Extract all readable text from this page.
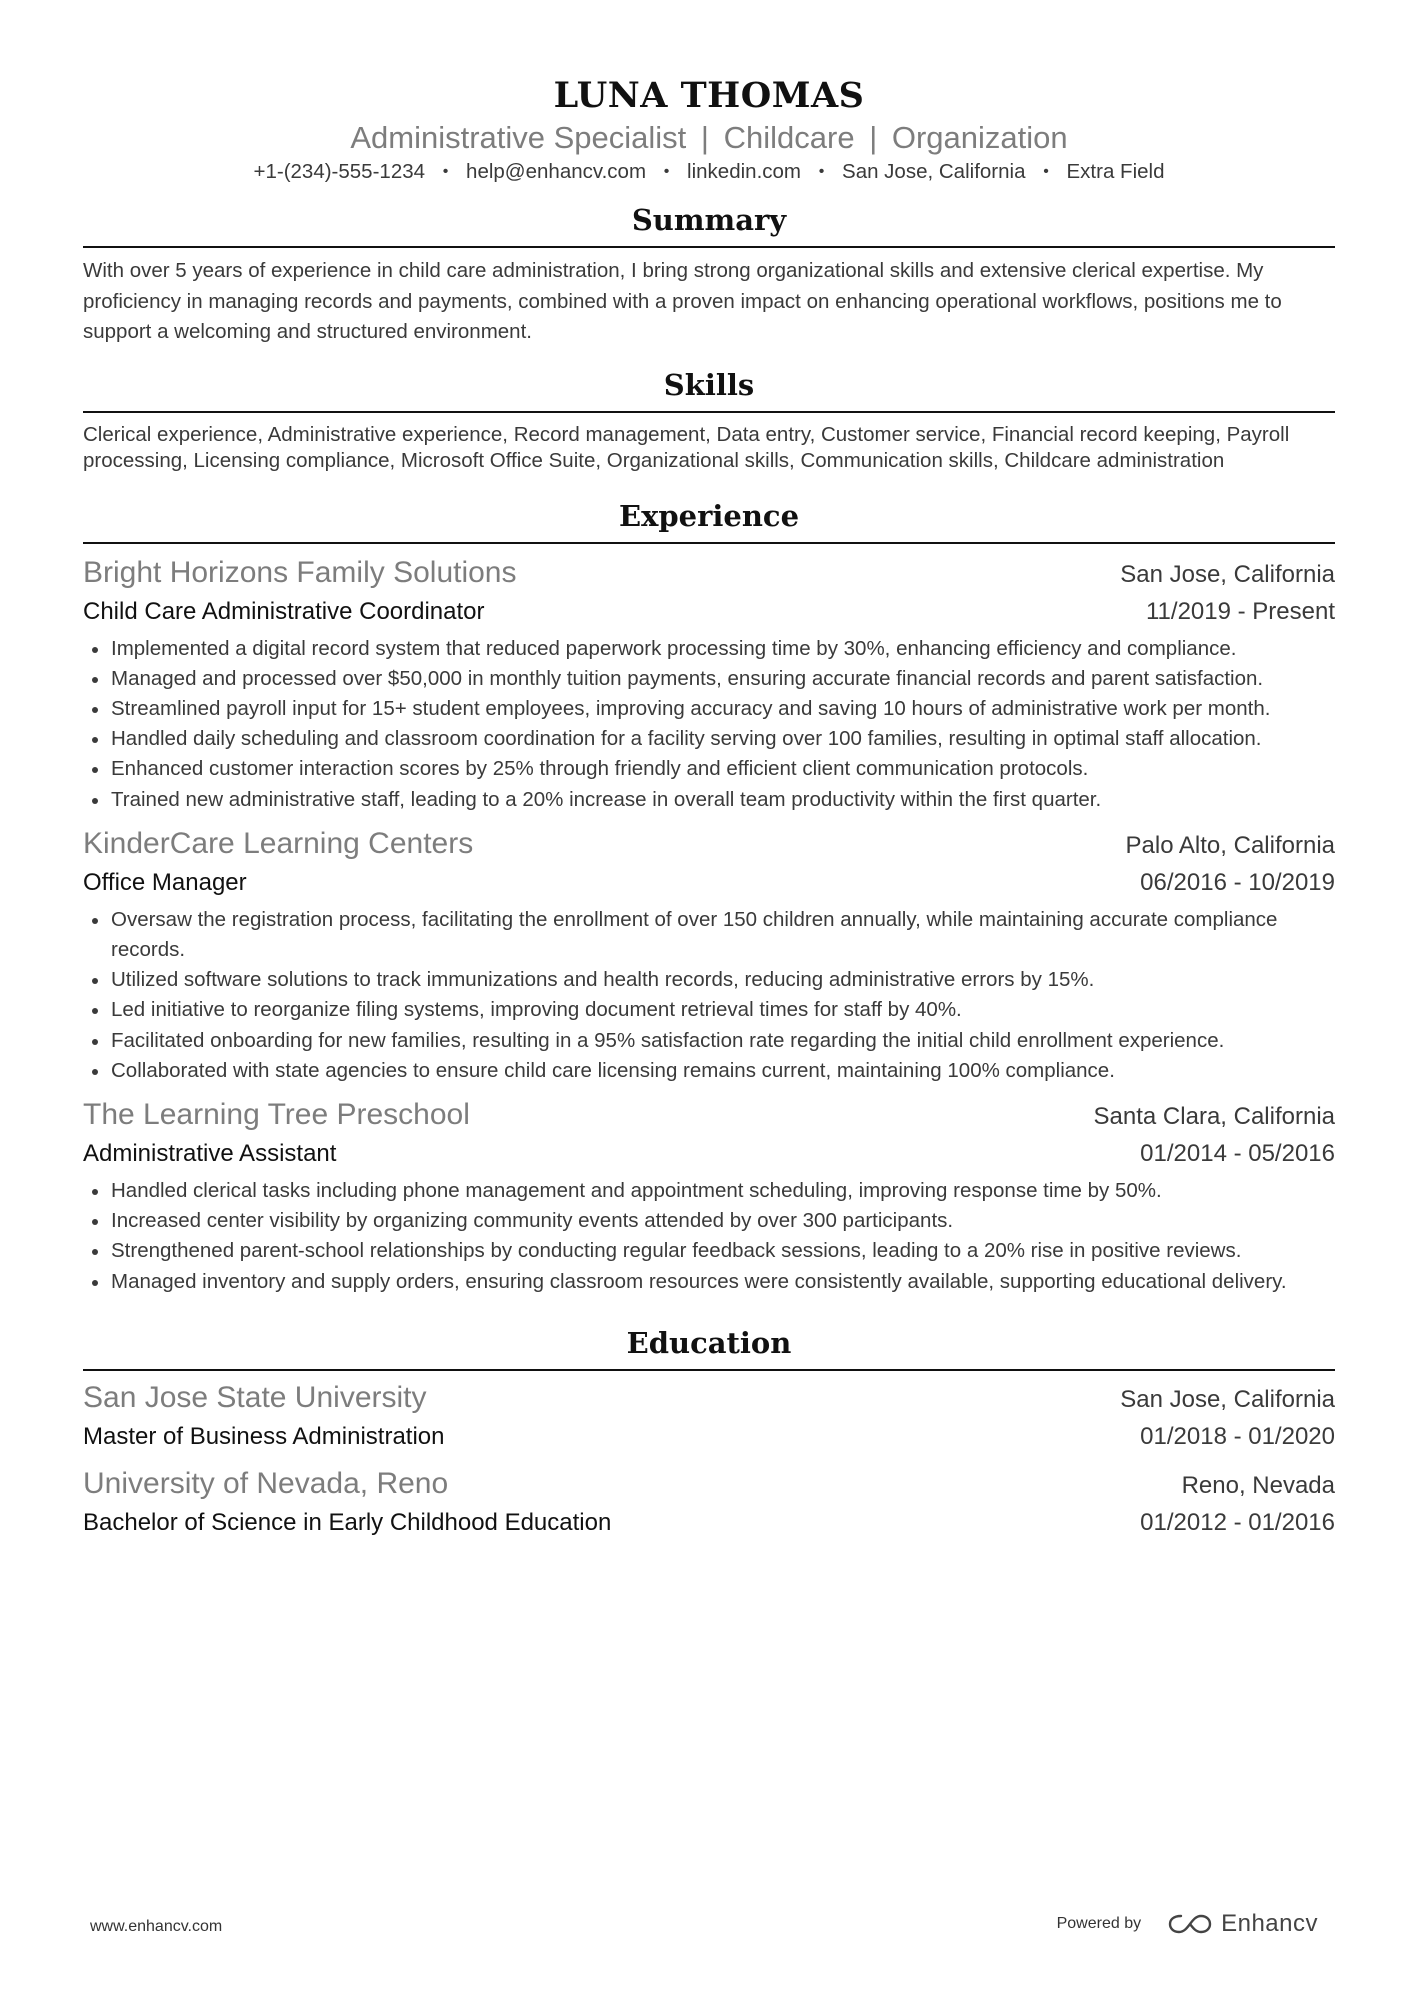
LUNA THOMAS
Administrative Specialist | Childcare | Organization
+1-(234)-555-1234 • help@enhancv.com • linkedin.com • San Jose, California • Extra Field
Summary
With over 5 years of experience in child care administration, I bring strong organizational skills and extensive clerical expertise. My proficiency in managing records and payments, combined with a proven impact on enhancing operational workflows, positions me to support a welcoming and structured environment.
Skills
Clerical experience, Administrative experience, Record management, Data entry, Customer service, Financial record keeping, Payroll processing, Licensing compliance, Microsoft Office Suite, Organizational skills, Communication skills, Childcare administration
Experience
Bright Horizons Family Solutions	San Jose, California
Child Care Administrative Coordinator	11/2019 - Present
Implemented a digital record system that reduced paperwork processing time by 30%, enhancing efficiency and compliance.
Managed and processed over $50,000 in monthly tuition payments, ensuring accurate financial records and parent satisfaction.
Streamlined payroll input for 15+ student employees, improving accuracy and saving 10 hours of administrative work per month.
Handled daily scheduling and classroom coordination for a facility serving over 100 families, resulting in optimal staff allocation.
Enhanced customer interaction scores by 25% through friendly and efficient client communication protocols.
Trained new administrative staff, leading to a 20% increase in overall team productivity within the first quarter.
KinderCare Learning Centers	Palo Alto, California
Office Manager	06/2016 - 10/2019
Oversaw the registration process, facilitating the enrollment of over 150 children annually, while maintaining accurate compliance records.
Utilized software solutions to track immunizations and health records, reducing administrative errors by 15%.
Led initiative to reorganize filing systems, improving document retrieval times for staff by 40%.
Facilitated onboarding for new families, resulting in a 95% satisfaction rate regarding the initial child enrollment experience.
Collaborated with state agencies to ensure child care licensing remains current, maintaining 100% compliance.
The Learning Tree Preschool	Santa Clara, California
Administrative Assistant	01/2014 - 05/2016
Handled clerical tasks including phone management and appointment scheduling, improving response time by 50%.
Increased center visibility by organizing community events attended by over 300 participants.
Strengthened parent-school relationships by conducting regular feedback sessions, leading to a 20% rise in positive reviews.
Managed inventory and supply orders, ensuring classroom resources were consistently available, supporting educational delivery.
Education
San Jose State University	San Jose, California
Master of Business Administration	01/2018 - 01/2020
University of Nevada, Reno	Reno, Nevada
Bachelor of Science in Early Childhood Education	01/2012 - 01/2016
www.enhancv.com	Powered by	Enhancv
